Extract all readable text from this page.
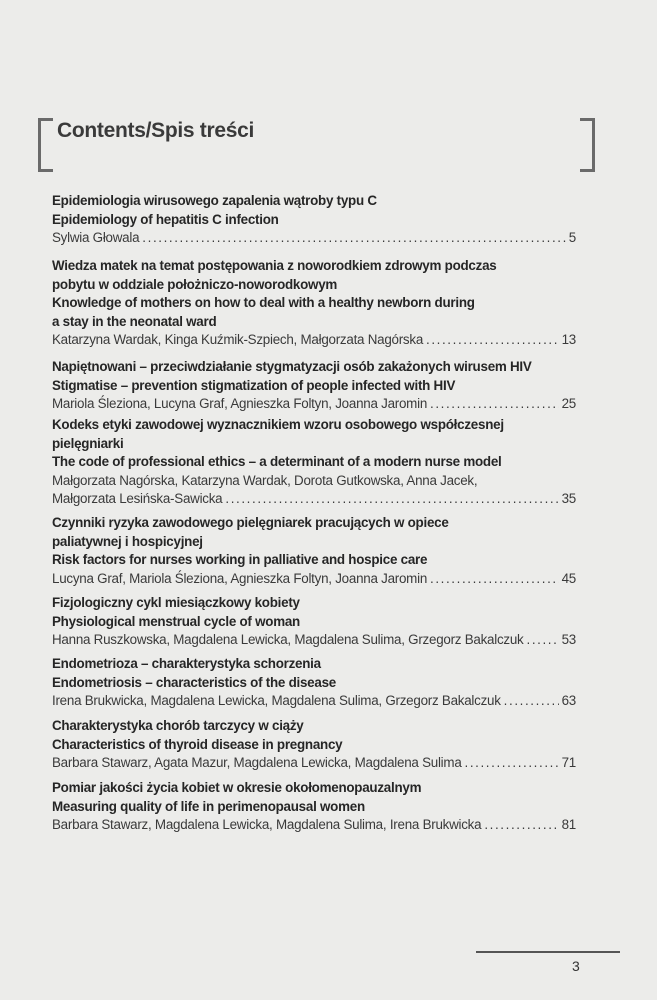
Contents/Spis treści
Epidemiologia wirusowego zapalenia wątroby typu C
Epidemiology of hepatitis C infection
Sylwia Głowala .....	5
Wiedza matek na temat postępowania z noworodkiem zdrowym podczas
pobytu w oddziale położniczo-noworodkowym
Knowledge of mothers on how to deal with a healthy newborn during
a stay in the neonatal ward
Katarzyna Wardak, Kinga Kuźmik-Szpiech, Małgorzata Nagórska .....	13
Napiętnowani – przeciwdziałanie stygmatyzacji osób zakażonych wirusem HIV
Stigmatise – prevention stigmatization of people infected with HIV
Mariola Śleziona, Lucyna Graf, Agnieszka Foltyn, Joanna Jaromin .....	25
Kodeks etyki zawodowej wyznacznikiem wzoru osobowego współczesnej
pielęgniarki
The code of professional ethics – a determinant of a modern nurse model
Małgorzata Nagórska, Katarzyna Wardak, Dorota Gutkowska, Anna Jacek,
Małgorzata Lesińska-Sawicka .....	35
Czynniki ryzyka zawodowego pielęgniarek pracujących w opiece
paliatywnej i hospicyjnej
Risk factors for nurses working in palliative and hospice care
Lucyna Graf, Mariola Śleziona, Agnieszka Foltyn, Joanna Jaromin .....	45
Fizjologiczny cykl miesiączkowy kobiety
Physiological menstrual cycle of woman
Hanna Ruszkowska, Magdalena Lewicka, Magdalena Sulima, Grzegorz Bakalczuk .....	53
Endometrioza – charakterystyka schorzenia
Endometriosis – characteristics of the disease
Irena Brukwicka, Magdalena Lewicka, Magdalena Sulima, Grzegorz Bakalczuk .....	63
Charakterystyka chorób tarczycy w ciąży
Characteristics of thyroid disease in pregnancy
Barbara Stawarz, Agata Mazur, Magdalena Lewicka, Magdalena Sulima .....	71
Pomiar jakości życia kobiet w okresie okołomenopauzalnym
Measuring quality of life in perimenopausal women
Barbara Stawarz, Magdalena Lewicka, Magdalena Sulima, Irena Brukwicka .....	81
3
